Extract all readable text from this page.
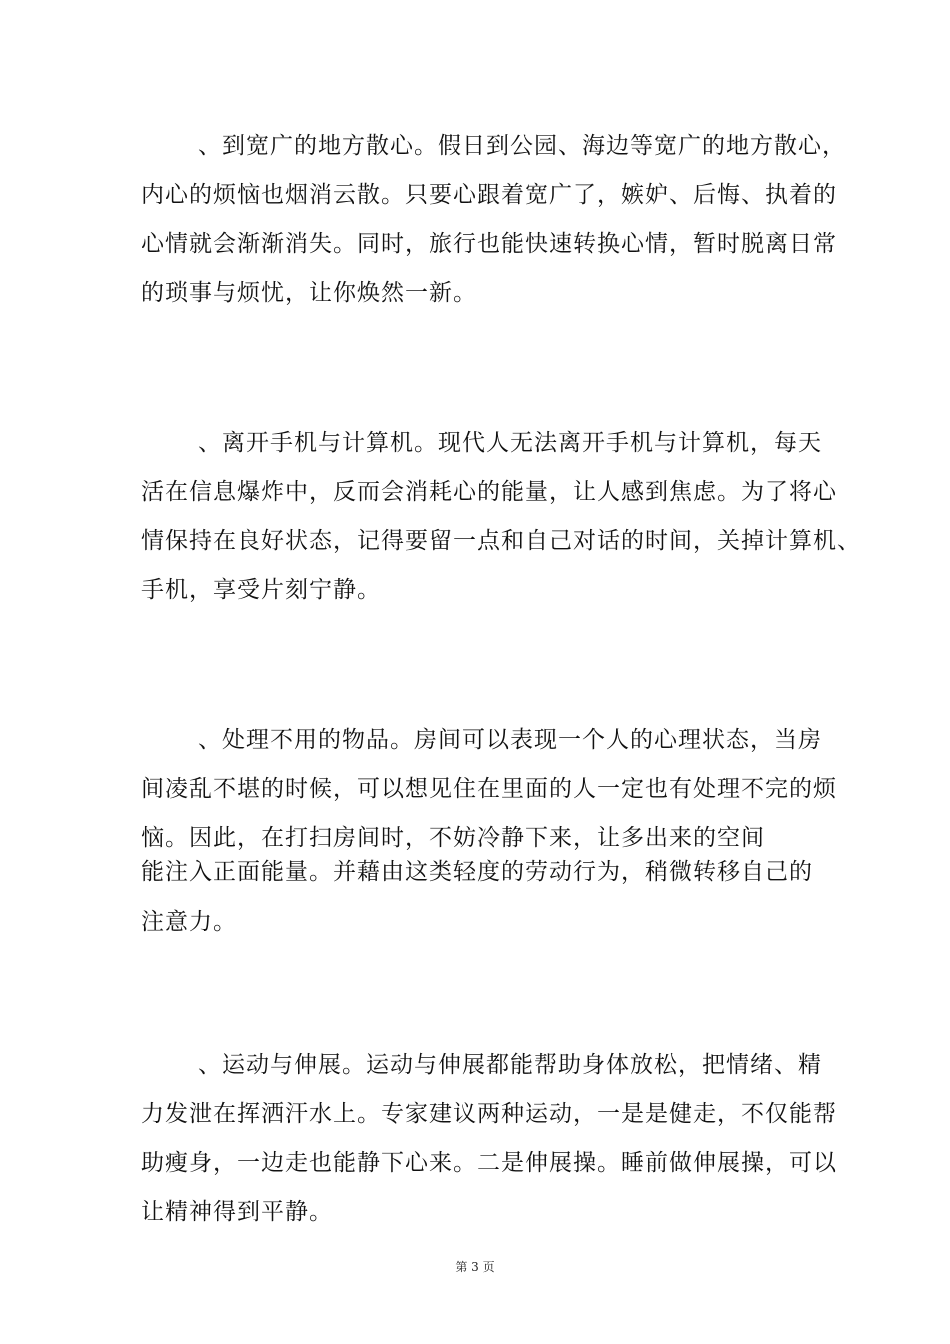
、到宽广的地方散心。假日到公园、海边等宽广的地方散心，
内心的烦恼也烟消云散。只要心跟着宽广了，嫉妒、后悔、执着的
心情就会渐渐消失。同时，旅行也能快速转换心情，暂时脱离日常
的琐事与烦忧，让你焕然一新。
、离开手机与计算机。现代人无法离开手机与计算机，每天
活在信息爆炸中，反而会消耗心的能量，让人感到焦虑。为了将心
情保持在良好状态，记得要留一点和自己对话的时间，关掉计算机、
手机，享受片刻宁静。
、处理不用的物品。房间可以表现一个人的心理状态，当房
间凌乱不堪的时候，可以想见住在里面的人一定也有处理不完的烦
恼。因此，在打扫房间时，不妨冷静下来，让多出来的空间
能注入正面能量。并藉由这类轻度的劳动行为，稍微转移自己的
注意力。
、运动与伸展。运动与伸展都能帮助身体放松，把情绪、精
力发泄在挥洒汗水上。专家建议两种运动，一是是健走，不仅能帮
助瘦身，一边走也能静下心来。二是伸展操。睡前做伸展操，可以
让精神得到平静。
第 3 页
